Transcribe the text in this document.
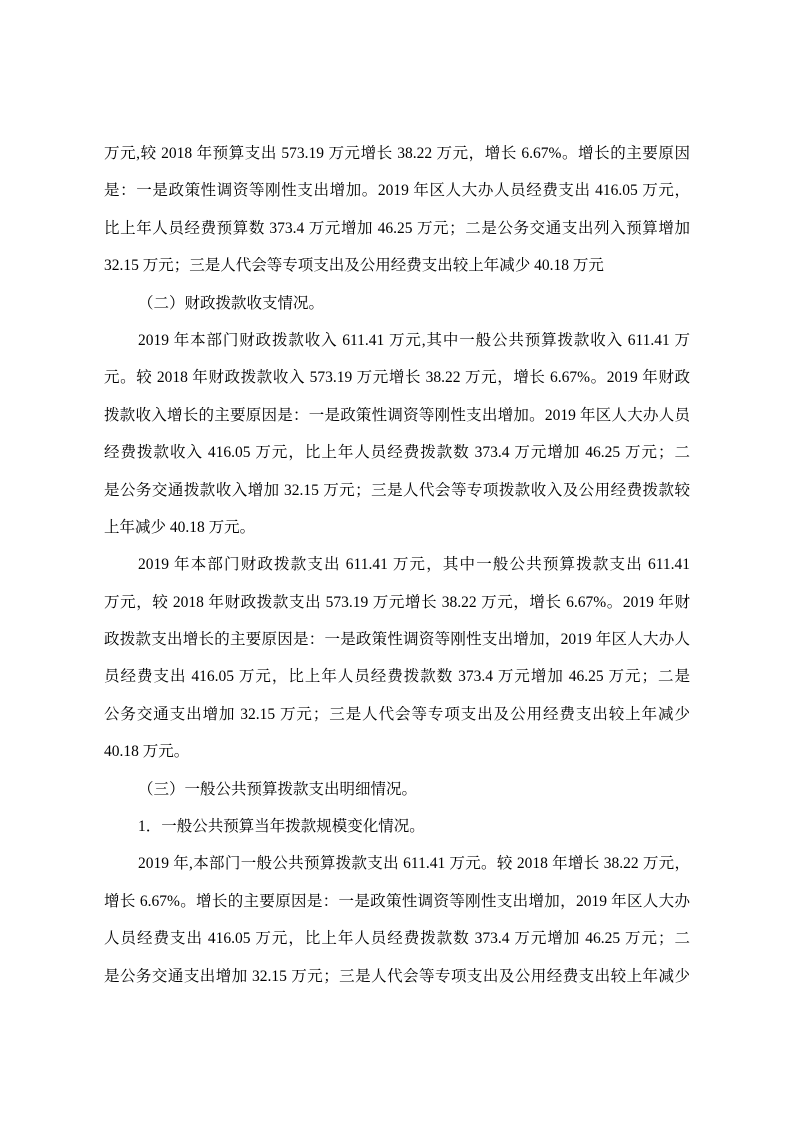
万元,较 2018 年预算支出 573.19 万元增长 38.22 万元，增长 6.67%。增长的主要原因
是：一是政策性调资等刚性支出增加。2019 年区人大办人员经费支出 416.05 万元，
比上年人员经费预算数 373.4 万元增加 46.25 万元；二是公务交通支出列入预算增加
32.15 万元；三是人代会等专项支出及公用经费支出较上年减少 40.18 万元
（二）财政拨款收支情况。
2019 年本部门财政拨款收入 611.41 万元,其中一般公共预算拨款收入 611.41 万
元。较 2018 年财政拨款收入 573.19 万元增长 38.22 万元，增长 6.67%。2019 年财政
拨款收入增长的主要原因是：一是政策性调资等刚性支出增加。2019 年区人大办人员
经费拨款收入 416.05 万元，比上年人员经费拨款数 373.4 万元增加 46.25 万元；二
是公务交通拨款收入增加 32.15 万元；三是人代会等专项拨款收入及公用经费拨款较
上年减少 40.18 万元。
2019 年本部门财政拨款支出 611.41 万元，其中一般公共预算拨款支出 611.41
万元，较 2018 年财政拨款支出 573.19 万元增长 38.22 万元，增长 6.67%。2019 年财
政拨款支出增长的主要原因是：一是政策性调资等刚性支出增加，2019 年区人大办人
员经费支出 416.05 万元，比上年人员经费拨款数 373.4 万元增加 46.25 万元；二是
公务交通支出增加 32.15 万元；三是人代会等专项支出及公用经费支出较上年减少
40.18 万元。
（三）一般公共预算拨款支出明细情况。
1．一般公共预算当年拨款规模变化情况。
2019 年,本部门一般公共预算拨款支出 611.41 万元。较 2018 年增长 38.22 万元，
增长 6.67%。增长的主要原因是：一是政策性调资等刚性支出增加，2019 年区人大办
人员经费支出 416.05 万元，比上年人员经费拨款数 373.4 万元增加 46.25 万元；二
是公务交通支出增加 32.15 万元；三是人代会等专项支出及公用经费支出较上年减少
